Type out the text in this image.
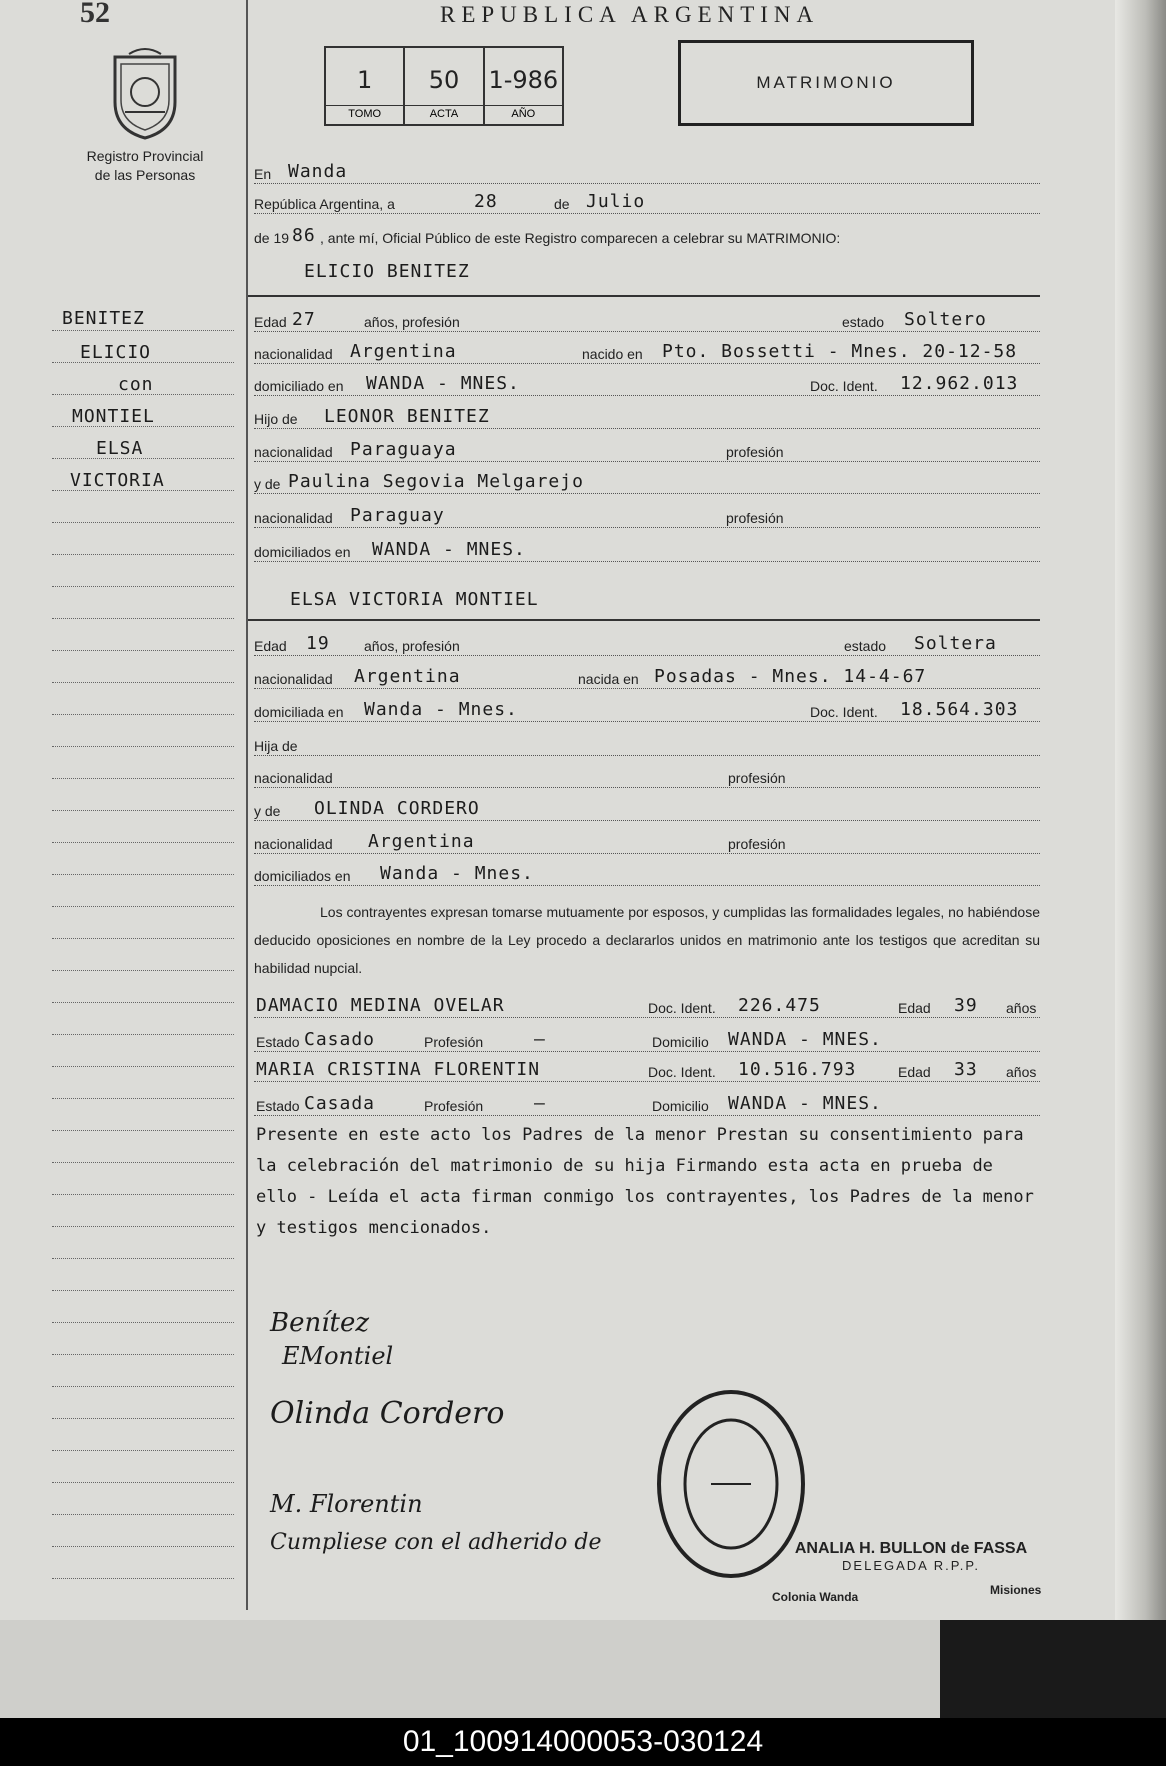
52	REPUBLICA ARGENTINA
Registro Provincial
de las Personas
1
TOMO
50
ACTA
1-986
AÑO
MATRIMONIO
En Wanda
República Argentina, a	28	de Julio
de 19 86 , ante mí, Oficial Público de este Registro comparecen a celebrar su MATRIMONIO:
BENITEZ
ELICIO
con
MONTIEL
ELSA
VICTORIA
ELICIO BENITEZ
Edad 27	años, profesión	estado Soltero
nacionalidad Argentina	nacido en Pto. Bossetti - Mnes. 20-12-58
domiciliado en WANDA - MNES.	Doc. Ident. 12.962.013
Hijo de LEONOR BENITEZ
nacionalidad Paraguaya	profesión
y de Paulina Segovia Melgarejo
nacionalidad Paraguay	profesión
domiciliados en WANDA - MNES.
ELSA VICTORIA MONTIEL
Edad 19 años, profesión	estado Soltera
nacionalidad Argentina	nacida en Posadas - Mnes. 14-4-67
domiciliada en Wanda - Mnes.	Doc. Ident. 18.564.303
Hija de
nacionalidad	profesión
y de OLINDA CORDERO
nacionalidad Argentina	profesión
domiciliados en Wanda - Mnes.
Los contrayentes expresan tomarse mutuamente por esposos, y cumplidas las formalidades legales, no habiéndose deducido oposiciones en nombre de la Ley procedo a declararlos unidos en matrimonio ante los testigos que acreditan su habilidad nupcial.
DAMACIO MEDINA OVELAR	Doc. Ident. 226.475	Edad 39 años
Estado Casado	Profesión	—	Domicilio WANDA - MNES.
MARIA CRISTINA FLORENTIN	Doc. Ident. 10.516.793	Edad 33 años
Estado Casada	Profesión	—	Domicilio WANDA - MNES.
Presente en este acto los Padres de la menor Prestan su consentimiento para la celebración del matrimonio de su hija Firmando esta acta en prueba de ello - Leída el acta firman conmigo los contrayentes, los Padres de la menor y testigos mencionados.
Benítez
EMontiel
Olinda Cordero
M. Florentin
Cumpliese con el adherido de	ANALIA H. BULLON de FASSA
DELEGADA R.P.P.
Colonia Wanda	Misiones
01_100914000053-030124
